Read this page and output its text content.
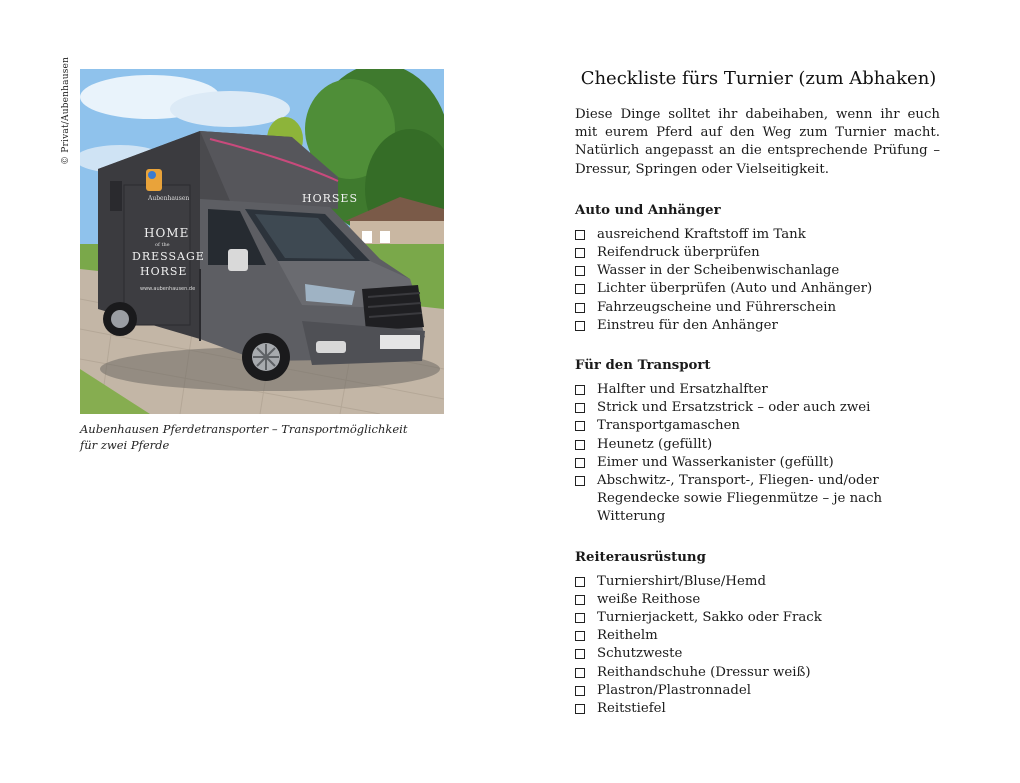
© Privat/Aubenhausen
HORSES
Aubenhausen
HOME
of the
DRESSAGE
HORSE
www.aubenhausen.de
Aubenhausen Pferdetransporter – Transportmöglichkeit für zwei Pferde
Checkliste fürs Turnier (zum Abhaken)

Diese Dinge solltet ihr dabeihaben, wenn ihr euch mit eurem Pferd auf den Weg zum Turnier macht. Natürlich angepasst an die entsprechende Prüfung – Dressur, Springen oder Vielseitigkeit.

Auto und Anhänger
ausreichend Kraftstoff im Tank
Reifendruck überprüfen
Wasser in der Scheibenwischanlage
Lichter überprüfen (Auto und Anhänger)
Fahrzeugscheine und Führerschein
Einstreu für den Anhänger
Für den Transport
Halfter und Ersatzhalfter
Strick und Ersatzstrick – oder auch zwei
Transportgamaschen
Heunetz (gefüllt)
Eimer und Wasserkanister (gefüllt)
Abschwitz-, Transport-, Fliegen- und/oder Regendecke sowie Fliegenmütze – je nach Witterung
Reiterausrüstung
Turniershirt/Bluse/Hemd
weiße Reithose
Turnierjackett, Sakko oder Frack
Reithelm
Schutzweste
Reithandschuhe (Dressur weiß)
Plastron/Plastronnadel
Reitstiefel
